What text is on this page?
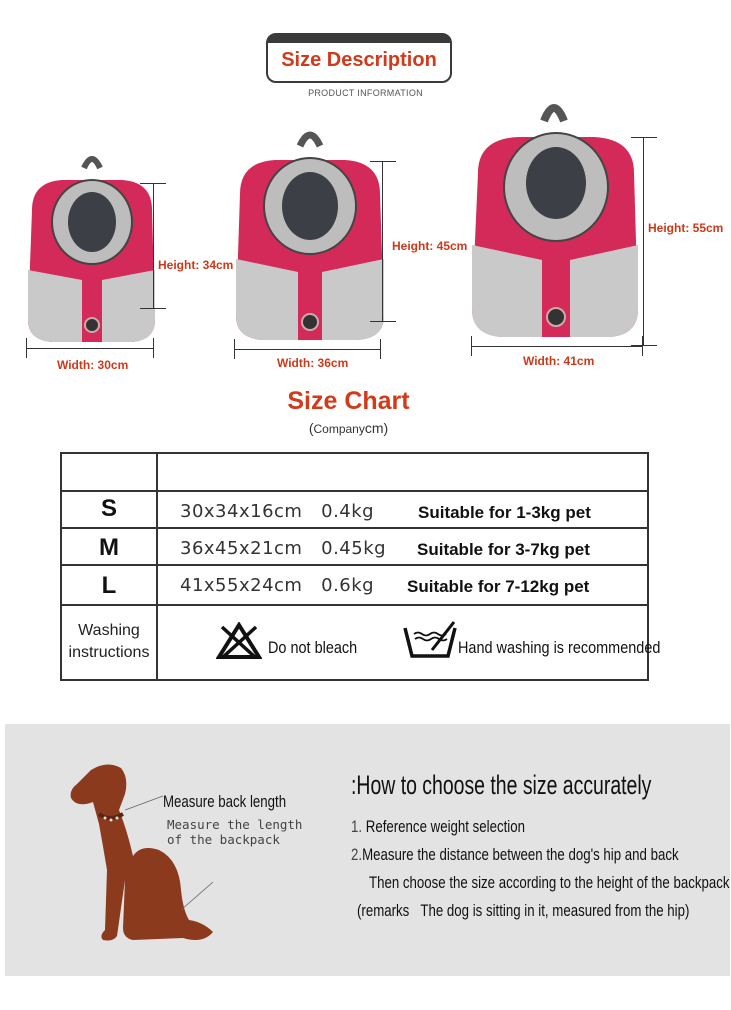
Size Description
PRODUCT INFORMATION
Height: 34cm
Width: 30cm
Height: 45cm
Width: 36cm
Height: 55cm
Width: 41cm
Size Chart
(Companycm)
S	30x34x16cm 0.4kg	Suitable for 1-3kg pet
M	36x45x21cm 0.45kg Suitable for 3-7kg pet
L	41x55x24cm 0.6kg Suitable for 7-12kg pet
Washing
instructions	Do not bleach	Hand washing is recommended
Measure back length
Measure the length
of the backpack
:How to choose the size accurately
1. Reference weight selection
2.Measure the distance between the dog's hip and back
Then choose the size according to the height of the backpack
(remarks The dog is sitting in it, measured from the hip)
